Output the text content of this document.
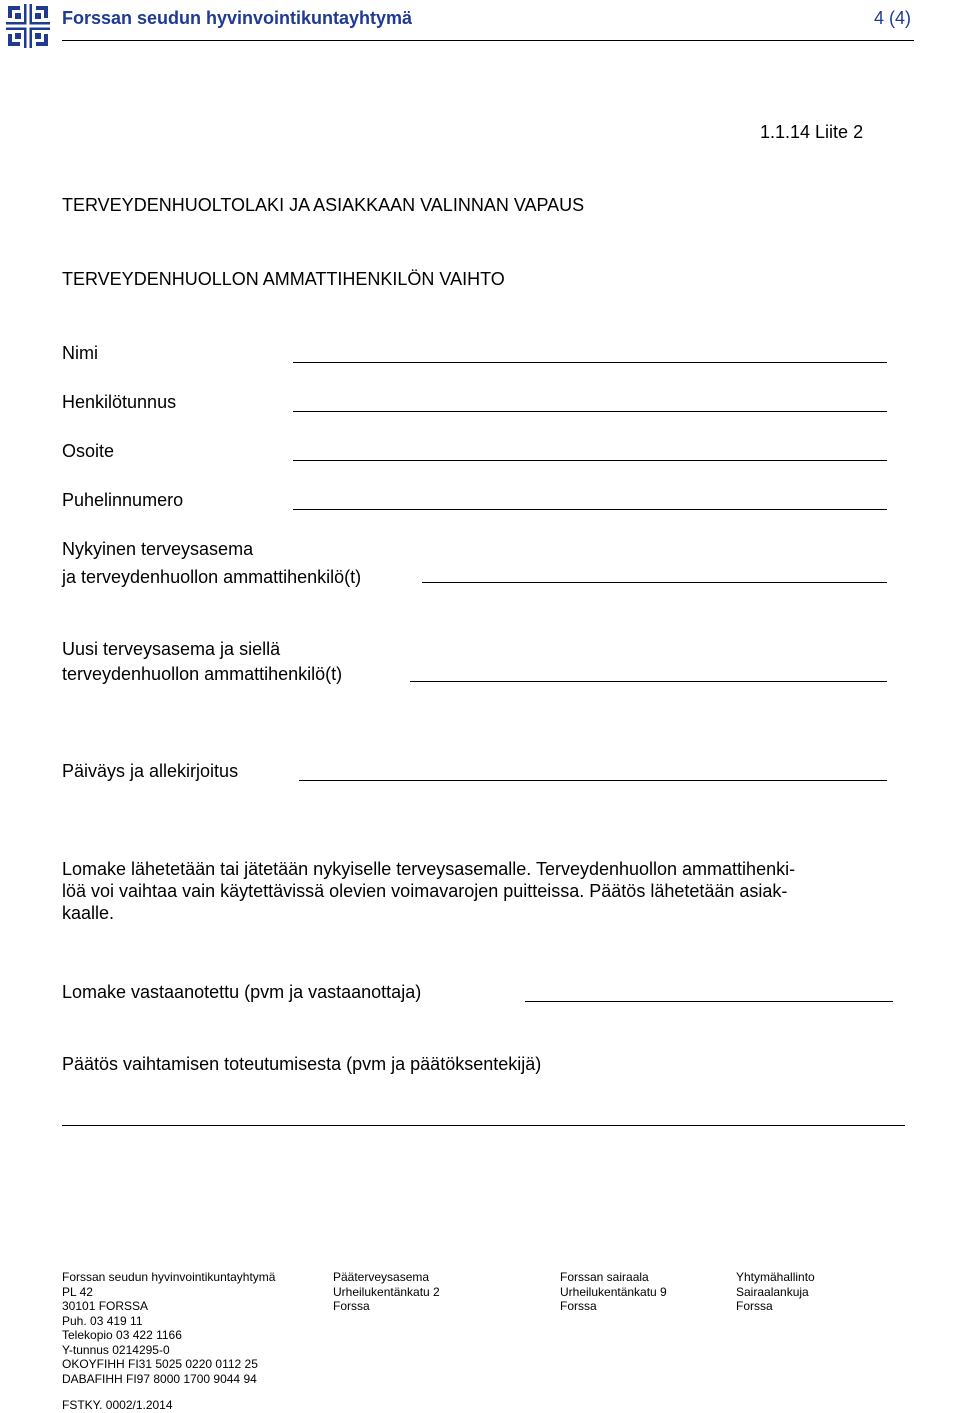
Forssan seudun hyvinvointikuntayhtymä	4 (4)
1.1.14 Liite 2
TERVEYDENHUOLTOLAKI JA ASIAKKAAN VALINNAN VAPAUS
TERVEYDENHUOLLON AMMATTIHENKILÖN VAIHTO
Nimi
Henkilötunnus
Osoite
Puhelinnumero
Nykyinen terveysasema
ja terveydenhuollon ammattihenkilö(t)
Uusi terveysasema ja siellä
terveydenhuollon ammattihenkilö(t)
Päiväys ja allekirjoitus
Lomake lähetetään tai jätetään nykyiselle terveysasemalle. Terveydenhuollon ammattihenki-
löä voi vaihtaa vain käytettävissä olevien voimavarojen puitteissa. Päätös lähetetään asiak-
kaalle.
Lomake vastaanotettu (pvm ja vastaanottaja)
Päätös vaihtamisen toteutumisesta (pvm ja päätöksentekijä)
Forssan seudun hyvinvointikuntayhtymä
PL 42
30101 FORSSA
Puh. 03 419 11
Telekopio 03 422 1166
Y-tunnus 0214295-0
OKOYFIHH FI31 5025 0220 0112 25
DABAFIHH FI97 8000 1700 9044 94
Pääterveysasema
Urheilukentänkatu 2
Forssa
Forssan sairaala
Urheilukentänkatu 9
Forssa
Yhtymähallinto
Sairaalankuja
Forssa
FSTKY. 0002/1.2014
